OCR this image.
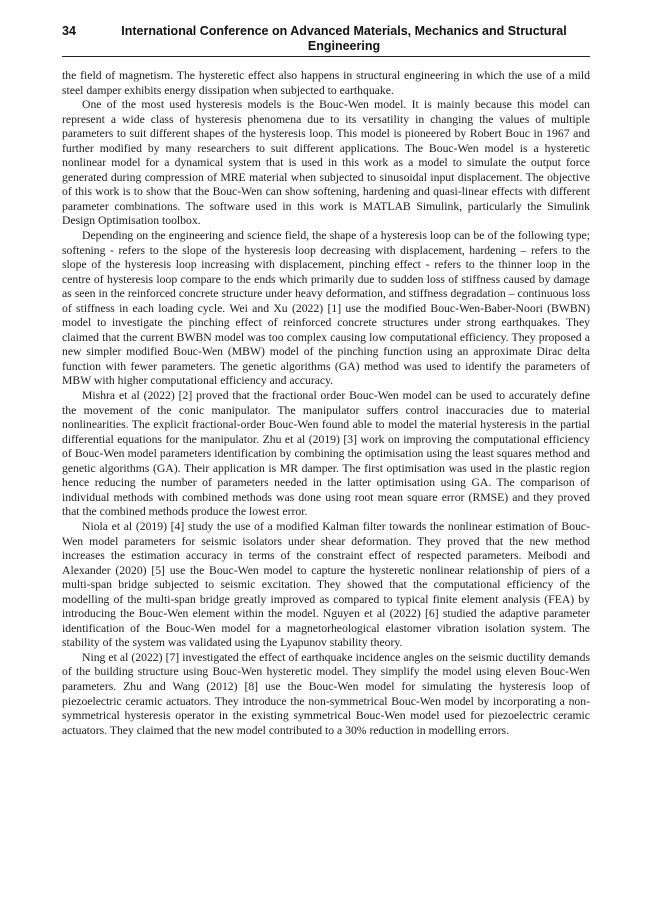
34	International Conference on Advanced Materials, Mechanics and Structural Engineering

the field of magnetism. The hysteretic effect also happens in structural engineering in which the use of a mild steel damper exhibits energy dissipation when subjected to earthquake.

One of the most used hysteresis models is the Bouc-Wen model. It is mainly because this model can represent a wide class of hysteresis phenomena due to its versatility in changing the values of multiple parameters to suit different shapes of the hysteresis loop. This model is pioneered by Robert Bouc in 1967 and further modified by many researchers to suit different applications. The Bouc-Wen model is a hysteretic nonlinear model for a dynamical system that is used in this work as a model to simulate the output force generated during compression of MRE material when subjected to sinusoidal input displacement. The objective of this work is to show that the Bouc-Wen can show softening, hardening and quasi-linear effects with different parameter combinations. The software used in this work is MATLAB Simulink, particularly the Simulink Design Optimisation toolbox.

Depending on the engineering and science field, the shape of a hysteresis loop can be of the following type; softening - refers to the slope of the hysteresis loop decreasing with displacement, hardening – refers to the slope of the hysteresis loop increasing with displacement, pinching effect - refers to the thinner loop in the centre of hysteresis loop compare to the ends which primarily due to sudden loss of stiffness caused by damage as seen in the reinforced concrete structure under heavy deformation, and stiffness degradation – continuous loss of stiffness in each loading cycle. Wei and Xu (2022) [1] use the modified Bouc-Wen-Baber-Noori (BWBN) model to investigate the pinching effect of reinforced concrete structures under strong earthquakes. They claimed that the current BWBN model was too complex causing low computational efficiency. They proposed a new simpler modified Bouc-Wen (MBW) model of the pinching function using an approximate Dirac delta function with fewer parameters. The genetic algorithms (GA) method was used to identify the parameters of MBW with higher computational efficiency and accuracy.

Mishra et al (2022) [2] proved that the fractional order Bouc-Wen model can be used to accurately define the movement of the conic manipulator. The manipulator suffers control inaccuracies due to material nonlinearities. The explicit fractional-order Bouc-Wen found able to model the material hysteresis in the partial differential equations for the manipulator. Zhu et al (2019) [3] work on improving the computational efficiency of Bouc-Wen model parameters identification by combining the optimisation using the least squares method and genetic algorithms (GA). Their application is MR damper. The first optimisation was used in the plastic region hence reducing the number of parameters needed in the latter optimisation using GA. The comparison of individual methods with combined methods was done using root mean square error (RMSE) and they proved that the combined methods produce the lowest error.

Niola et al (2019) [4] study the use of a modified Kalman filter towards the nonlinear estimation of Bouc-Wen model parameters for seismic isolators under shear deformation. They proved that the new method increases the estimation accuracy in terms of the constraint effect of respected parameters. Meibodi and Alexander (2020) [5] use the Bouc-Wen model to capture the hysteretic nonlinear relationship of piers of a multi-span bridge subjected to seismic excitation. They showed that the computational efficiency of the modelling of the multi-span bridge greatly improved as compared to typical finite element analysis (FEA) by introducing the Bouc-Wen element within the model. Nguyen et al (2022) [6] studied the adaptive parameter identification of the Bouc-Wen model for a magnetorheological elastomer vibration isolation system. The stability of the system was validated using the Lyapunov stability theory.

Ning et al (2022) [7] investigated the effect of earthquake incidence angles on the seismic ductility demands of the building structure using Bouc-Wen hysteretic model. They simplify the model using eleven Bouc-Wen parameters. Zhu and Wang (2012) [8] use the Bouc-Wen model for simulating the hysteresis loop of piezoelectric ceramic actuators. They introduce the non-symmetrical Bouc-Wen model by incorporating a non-symmetrical hysteresis operator in the existing symmetrical Bouc-Wen model used for piezoelectric ceramic actuators. They claimed that the new model contributed to a 30% reduction in modelling errors.
